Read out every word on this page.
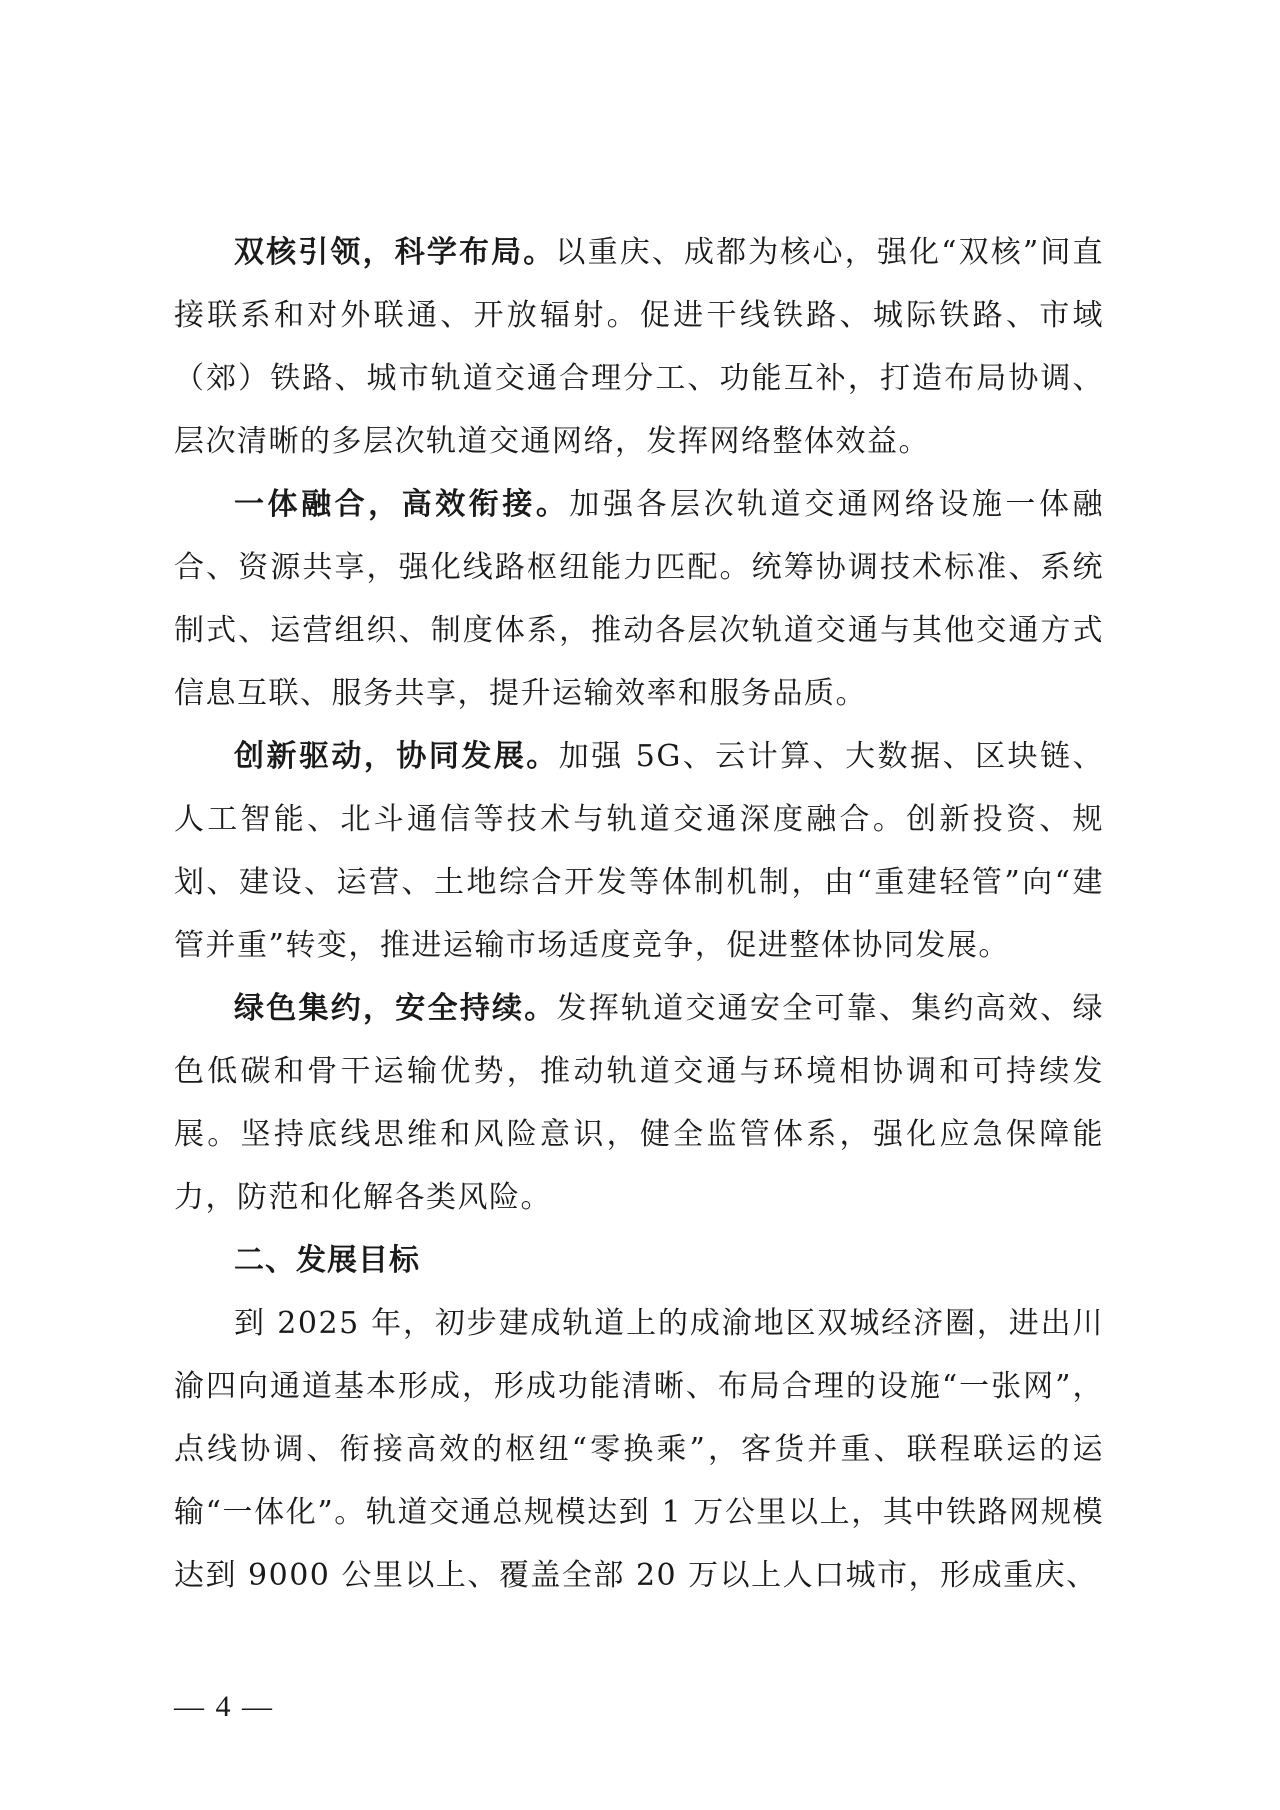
双核引领，科学布局。以重庆、成都为核心，强化“双核”间直接联系和对外联通、开放辐射。促进干线铁路、城际铁路、市域（郊）铁路、城市轨道交通合理分工、功能互补，打造布局协调、层次清晰的多层次轨道交通网络，发挥网络整体效益。

一体融合，高效衔接。加强各层次轨道交通网络设施一体融合、资源共享，强化线路枢纽能力匹配。统筹协调技术标准、系统制式、运营组织、制度体系，推动各层次轨道交通与其他交通方式信息互联、服务共享，提升运输效率和服务品质。

创新驱动，协同发展。加强 5G、云计算、大数据、区块链、人工智能、北斗通信等技术与轨道交通深度融合。创新投资、规划、建设、运营、土地综合开发等体制机制，由“重建轻管”向“建管并重”转变，推进运输市场适度竞争，促进整体协同发展。

绿色集约，安全持续。发挥轨道交通安全可靠、集约高效、绿色低碳和骨干运输优势，推动轨道交通与环境相协调和可持续发展。坚持底线思维和风险意识，健全监管体系，强化应急保障能力，防范和化解各类风险。

二、发展目标

到 2025 年，初步建成轨道上的成渝地区双城经济圈，进出川渝四向通道基本形成，形成功能清晰、布局合理的设施“一张网”，点线协调、衔接高效的枢纽“零换乘”，客货并重、联程联运的运输“一体化”。轨道交通总规模达到 1 万公里以上，其中铁路网规模达到 9000 公里以上、覆盖全部 20 万以上人口城市，形成重庆、

— 4 —
